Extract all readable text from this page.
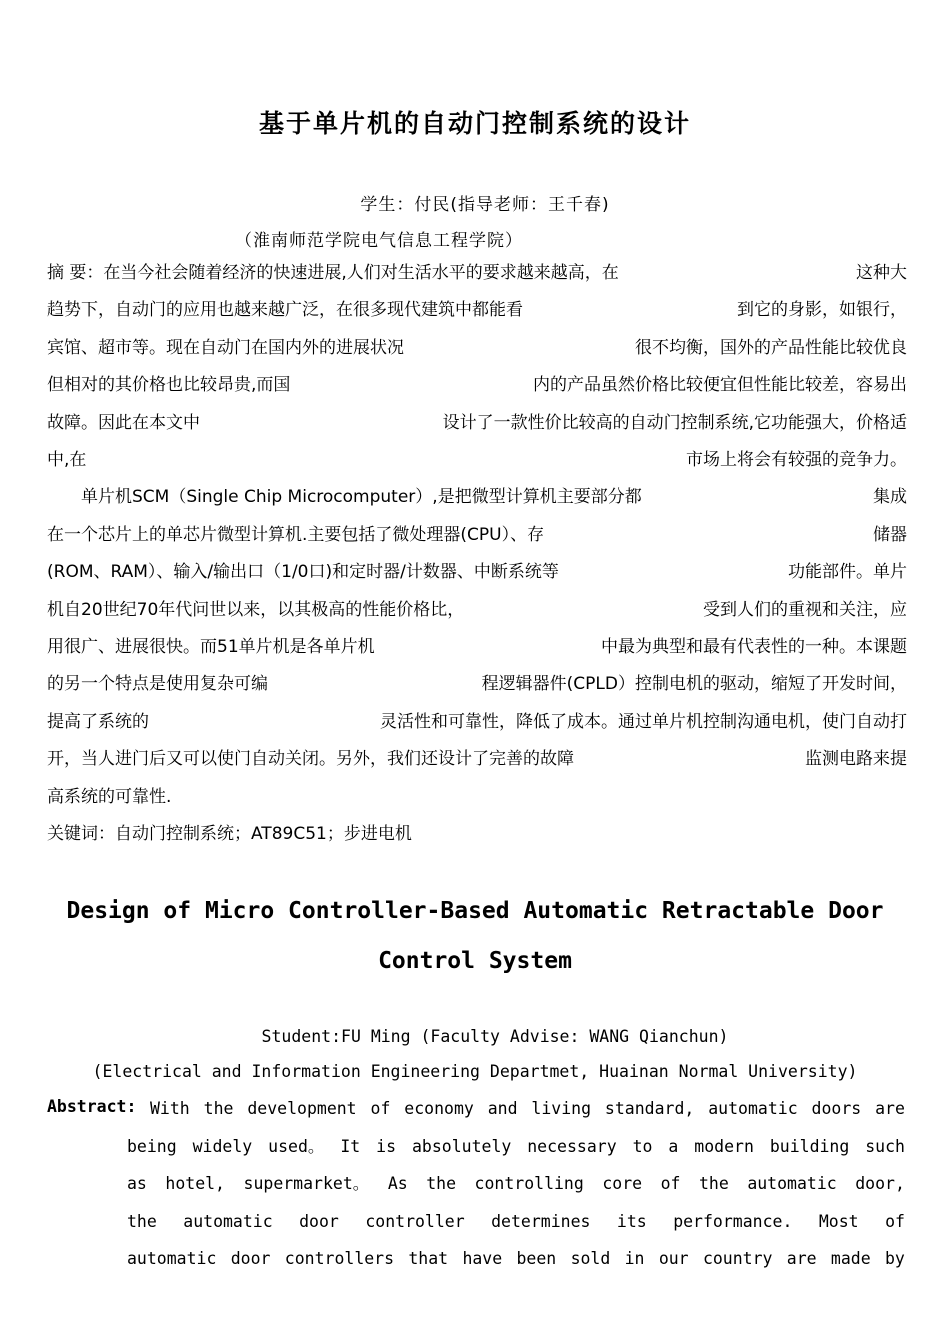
基于单片机的自动门控制系统的设计
学生：付民(指导老师：王千春)
（淮南师范学院电气信息工程学院）
摘 要：在当今社会随着经济的快速进展,人们对生活水平的要求越来越高，在	这种大
趋势下，自动门的应用也越来越广泛，在很多现代建筑中都能看	到它的身影，如银行，
宾馆、超市等。现在自动门在国内外的进展状况	很不均衡，国外的产品性能比较优良
但相对的其价格也比较昂贵,而国	内的产品虽然价格比较便宜但性能比较差，容易出
故障。因此在本文中	设计了一款性价比较高的自动门控制系统,它功能强大，价格适
中,在	市场上将会有较强的竞争力。
　　单片机SCM（Single Chip Microcomputer）,是把微型计算机主要部分都	集成
在一个芯片上的单芯片微型计算机.主要包括了微处理器(CPU）、存	储器
(ROM、RAM）、输入/输出口（1/0口)和定时器/计数器、中断系统等	功能部件。单片
机自20世纪70年代问世以来，以其极高的性能价格比，	受到人们的重视和关注，应
用很广、进展很快。而51单片机是各单片机	中最为典型和最有代表性的一种。本课题
的另一个特点是使用复杂可编	程逻辑器件(CPLD）控制电机的驱动，缩短了开发时间，
提高了系统的	灵活性和可靠性，降低了成本。通过单片机控制沟通电机，使门自动打
开，当人进门后又可以使门自动关闭。另外，我们还设计了完善的故障	监测电路来提
高系统的可靠性.
关键词：自动门控制系统；AT89C51；步进电机
Design of Micro Controller-Based Automatic Retractable Door
Control System
Student:FU Ming (Faculty Advise: WANG Qianchun)
(Electrical and Information Engineering Departmet, Huainan Normal University)
Abstract: With the development of economy and living standard, automatic doors are
being widely used。 It is absolutely necessary to a modern building such
as hotel, supermarket。 As the controlling core of the automatic door,
the automatic door controller determines its performance. Most of
automatic door controllers that have been sold in our country are made by
